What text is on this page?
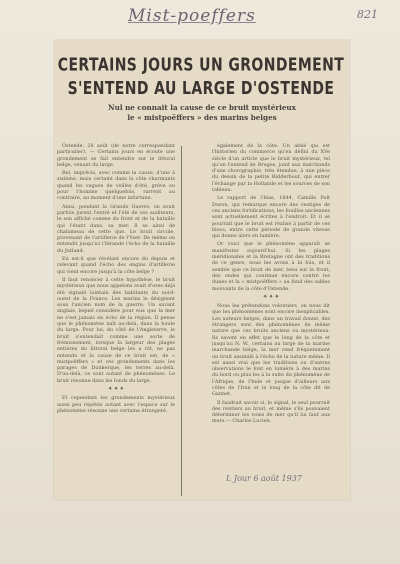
Mist-poeffers	821
CERTAINS JOURS UN GRONDEMENT
S'ENTEND AU LARGE D'OSTENDE
Nul ne connait la cause de ce bruit mystérieux
le « mistpoëffers » des marins belges

Ostende, 28 août (de notre correspondant particulier). — Certains jours en écoute une grondement se fait entendre sur le littoral belge, venant du large.

Bel, imprécis, avec comme la cause, d'une à sixième, mais certaint dans la côte charmants quand les vagues de veilles d'été, grève ou pour l'homme quelquefois, rarrent au contraire, au moment d'une infortune.

Ainsi, pendant la Grande Guerre, on avait parfois jurent l'entré et l'été de ces auditeurs, le son affiché comme du front et de la bataille qui l'étant dans, sa mer. Il se ainsi de chalumeau de cette que. Le bruit circule, provenant de l'artillerie de l'Yser. De même on entendit jusqu'ici l'Iérande l'écho de la bataille du Jutland.

En est-il que révélant encore du depuis et relevant quand l'écho des engins d'artillerie qui vient encore jusqu'à la côte belge ?

Il faut renoncer à cette hypothèse, le bruit mystérieux que nous appelons avait d'ores déjà été signalé lointain des habitants du nord-ouest de la France. Les marins le désignent sous l'ancien nom de la guerre. Un savant anglais, lequel considère pour eux que la mer ne s'est jamais en écho de la région. Il pense que le phénomène naît au-delà, dans la houle du large. Pour lui, du côté de l'Angleterre, le bruit s'entendait comme une sorte de frémissement, lorsque la largeur des plages entières du littoral belge les a tôt, ne pas entendu et la cause de ce bruit est, de « mistpoëffers » et ces grondements dans les parages de Dunkerque, les terres au-delà. D'au-delà, ce sont autant de phénomènes. Le bruit résonne dans les fonds du large.

✦ ✦ ✦

Et cependant les grondements mystérieux aussi peu répétés autant avec l'espace sur le phénomène résonne une certaine étrangeté.

également de la côte. Un abbé qui est l'historien du commerce qu'en défini du XVe siècle d'un article que le bruit mystérieux, tel qu'on l'entend de Bruges, joint aux marchands d'une chorographie, très étendue, à une pièce du dessin de la petite Ridderbout, qui entrer l'échange par la Hollande et les sources de son tableau.

Le rapport de l'Iéas, 1844, Camille Polt Duron, qui remarque encore des vestiges de ces anciens fortifications, les fouilles anciennes sont actuellement écrites à l'endroit. Et il se pourrait que le bruit est réalisé à partir de ces blocs, entre cette période de grande vitesse qui donne alors en lumière.

Or voici que le phénomène apparaît se manifester aujourd'hui. Si les plages méridionales et la Bretagne ont des traditions de ce genre, nous les avons à la fois, et il semble que ce bruit de mer, tenu sur le front, des ondes qui continue encore contre les dunes et la « mistpoëffers » au fond des sables mouvants de la côte d'Ostende.

✦ ✦ ✦

Nous les prétendons volontiers, on nous dit que les phénomènes sont encore inexplicables. Les auteurs belges, dans un travail donné, des étrangers sont des phénomènes de même nature que ces bruits anciens ou mystérieux. Ils savent en effet que le long de la côte et jusqu'au N. W., certains au large de la marine marchande belge, la mer rend fréquemment un bruit assimilé à l'écho de la nature même. Il est aussi vrai que les traditions ou d'autres observations le font en lumière à des marins du bord ou plus les à la suite du phénomène de l'Afrique, de l'Inde et jusque d'ailleurs aux côtes de l'Iran et le long de la côte dit de Gannet.

Il faudrait savoir si, le signal, le seul pourrait des rentiers au bruit, et même s'ils pouvaient déterminer les voies de mer qu'il lui faut aux mers.— Charles Lucien.

L Jour 6 août 1937
